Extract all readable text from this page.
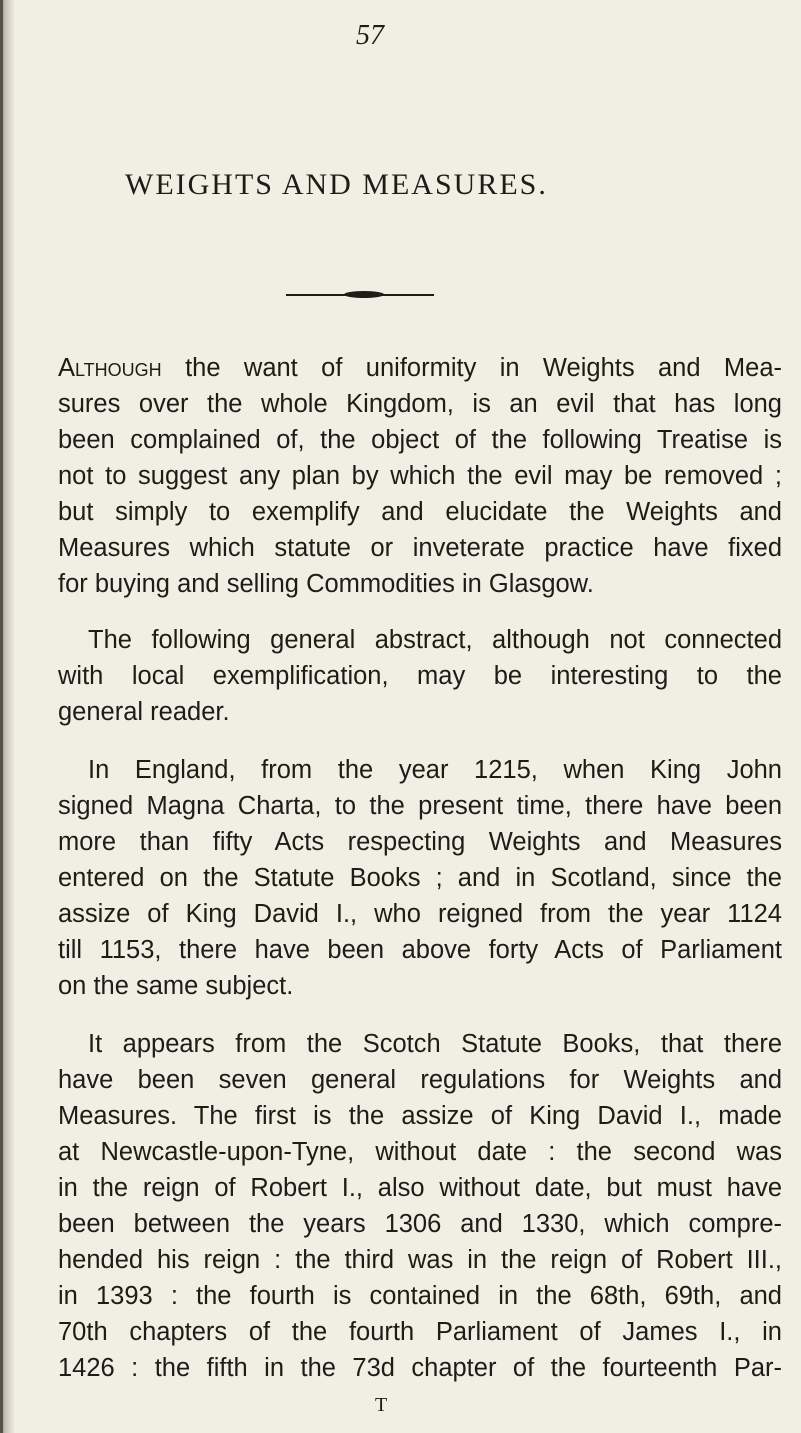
57
WEIGHTS AND MEASURES.
Although the want of uniformity in Weights and Mea-
sures over the whole Kingdom, is an evil that has long
been complained of, the object of the following Treatise is
not to suggest any plan by which the evil may be removed ;
but simply to exemplify and elucidate the Weights and
Measures which statute or inveterate practice have fixed
for buying and selling Commodities in Glasgow.
The following general abstract, although not connected
with local exemplification, may be interesting to the
general reader.
In England, from the year 1215, when King John
signed Magna Charta, to the present time, there have been
more than fifty Acts respecting Weights and Measures
entered on the Statute Books ; and in Scotland, since the
assize of King David I., who reigned from the year 1124
till 1153, there have been above forty Acts of Parliament
on the same subject.
It appears from the Scotch Statute Books, that there
have been seven general regulations for Weights and
Measures. The first is the assize of King David I., made
at Newcastle-upon-Tyne, without date : the second was
in the reign of Robert I., also without date, but must have
been between the years 1306 and 1330, which compre-
hended his reign : the third was in the reign of Robert III.,
in 1393 : the fourth is contained in the 68th, 69th, and
70th chapters of the fourth Parliament of James I., in
1426 : the fifth in the 73d chapter of the fourteenth Par-
T
